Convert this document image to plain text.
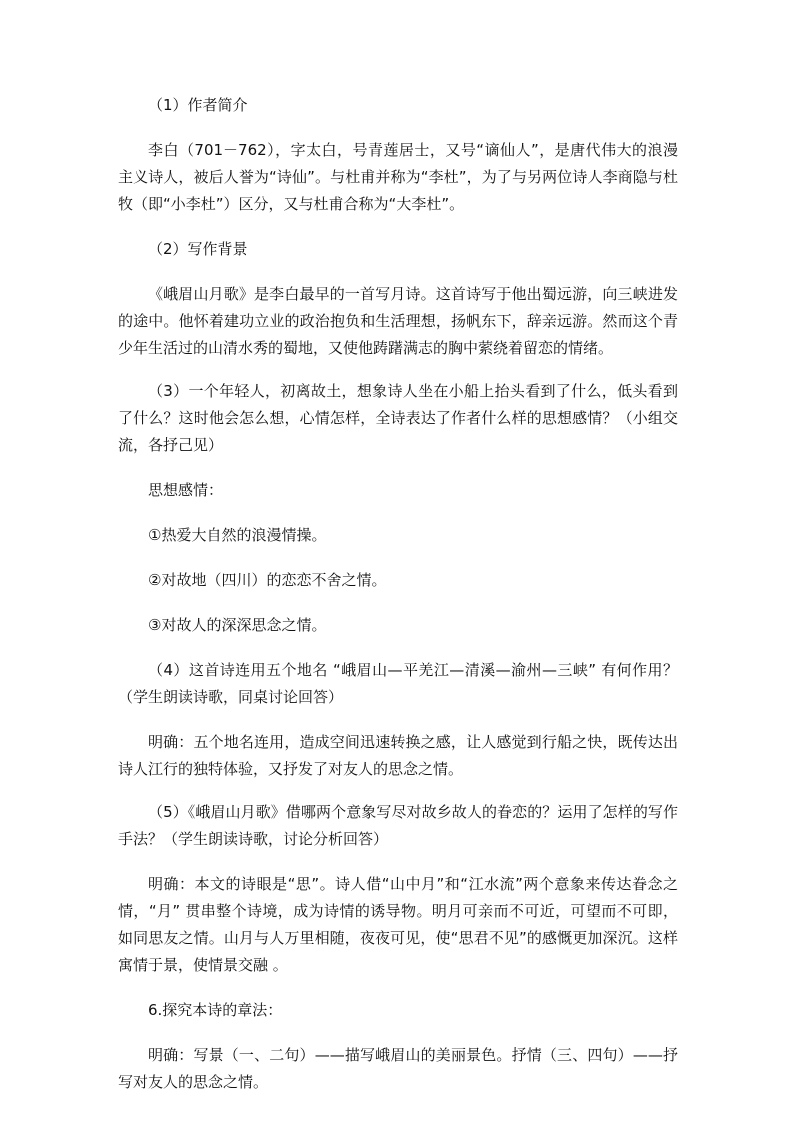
（1）作者简介

李白（701－762），字太白，号青莲居士，又号“谪仙人”，是唐代伟大的浪漫主义诗人，被后人誉为“诗仙”。与杜甫并称为“李杜”，为了与另两位诗人李商隐与杜牧（即“小李杜”）区分，又与杜甫合称为“大李杜”。

（2）写作背景

《峨眉山月歌》是李白最早的一首写月诗。这首诗写于他出蜀远游，向三峡进发的途中。他怀着建功立业的政治抱负和生活理想，扬帆东下，辞亲远游。然而这个青少年生活过的山清水秀的蜀地，又使他踌躇满志的胸中萦绕着留恋的情绪。

（3）一个年轻人，初离故土，想象诗人坐在小船上抬头看到了什么，低头看到了什么？这时他会怎么想，心情怎样，全诗表达了作者什么样的思想感情？（小组交流，各抒己见）

思想感情：

①热爱大自然的浪漫情操。

②对故地（四川）的恋恋不舍之情。

③对故人的深深思念之情。

（4）这首诗连用五个地名 “峨眉山—平羌江—清溪—渝州—三峡” 有何作用？（学生朗读诗歌，同桌讨论回答）

明确：五个地名连用，造成空间迅速转换之感，让人感觉到行船之快，既传达出诗人江行的独特体验，又抒发了对友人的思念之情。

（5）《峨眉山月歌》借哪两个意象写尽对故乡故人的眷恋的？运用了怎样的写作手法？（学生朗读诗歌，讨论分析回答）

明确：本文的诗眼是“思”。诗人借“山中月”和“江水流”两个意象来传达眷念之情，“月” 贯串整个诗境，成为诗情的诱导物。明月可亲而不可近，可望而不可即，如同思友之情。山月与人万里相随，夜夜可见，使“思君不见”的感慨更加深沉。这样寓情于景，使情景交融 。

6.探究本诗的章法：

明确：写景（一、二句）——描写峨眉山的美丽景色。抒情（三、四句）——抒写对友人的思念之情。
